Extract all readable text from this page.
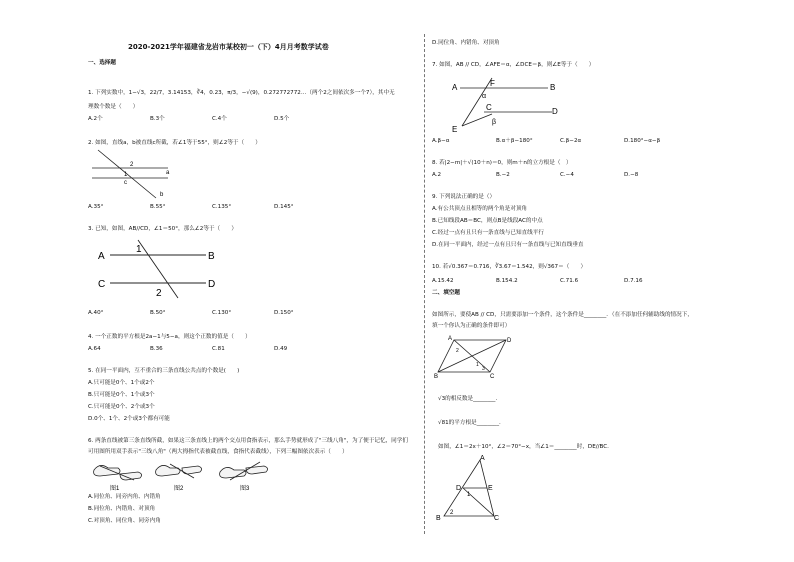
2020-2021学年福建省龙岩市某校初一（下）4月月考数学试卷
一、选择题
1. 下列实数中，1−√3，22/7，3.14153，∛4，0.23，π/3，−√(9)，0.272772772…（两个2之间依次多一个7），其中无
理数个数是（　　）
A.2个	B.3个	C.4个	D.5个
2. 如图，直线a，b被直线c所截，若∠1等于55°，则∠2等于（　　）
2
1	a
b
c
A.35°	B.55°	C.135°	D.145°
3. 已知，如图，AB//CD，∠1＝50°，那么∠2等于（　　）
A	B
C	D
1
2
A.40°	B.50°	C.130°	D.150°
4. 一个正数的平方根是2a−1与5−a，则这个正数的值是（　　）
A.64	B.36	C.81	D.49
5. 在同一平面内，互不重合的三条直线公共点的个数是(　　)
A.只可能是0个、1个或2个
B.只可能是0个、1个或3个
C.只可能是0个、2个或3个
D.0个、1个、2个或3个都有可能
6. 两条直线被第三条直线所截，如果这三条直线上的两个交点用食指表示，那么手势就形成了"三线八角"，为了便于记忆，同学们
可用图所用双手表示"三线八角"（两大拇指代表被截直线，食指代表截线），下列三幅图依次表示（　　）
图1	图2	图3
A.同位角、同旁内角、内错角
B.同位角、内错角、对顶角
C.对顶角、同位角、同旁内角
D.同位角、内错角、对顶角
7. 如图，AB // CD，∠AFE＝α，∠DCE＝β，则∠E等于（　　）
A	F	B
α
C	D
β
E
A.β−α	B.α＋β−180°	C.β−2α	D.180°−α−β
8. 若|2−m|＋√(10＋n)＝0，则m＋n的立方根是（　）
A.2	B.−2	C.−4	D.−8
9. 下列说法正确的是（）
A.有公共顶点且相等的两个角是对顶角
B.已知线段AB＝BC，则点B是线段AC的中点
C.经过一点有且只有一条直线与已知直线平行
D.在同一平面内，经过一点有且只有一条直线与已知直线垂直
10. 若√0.367＝0.716，∛3.67＝1.542，则√367＝（　　）
A.15.42	B.154.2	C.71.6	D.7.16
二、填空题
如图所示，要使AB // CD，只需要添加一个条件，这个条件是________．（在不添加任何辅助线的情况下，
填一个你认为正确的条件即可）
A	D
2
1
3
B	C
√3的相反数是________.
√81的平方根是________.
如图，∠1＝2x＋10°，∠2＝70°−x，当∠1＝________时，DE//BC.
A
D
1
E
2
B	C
